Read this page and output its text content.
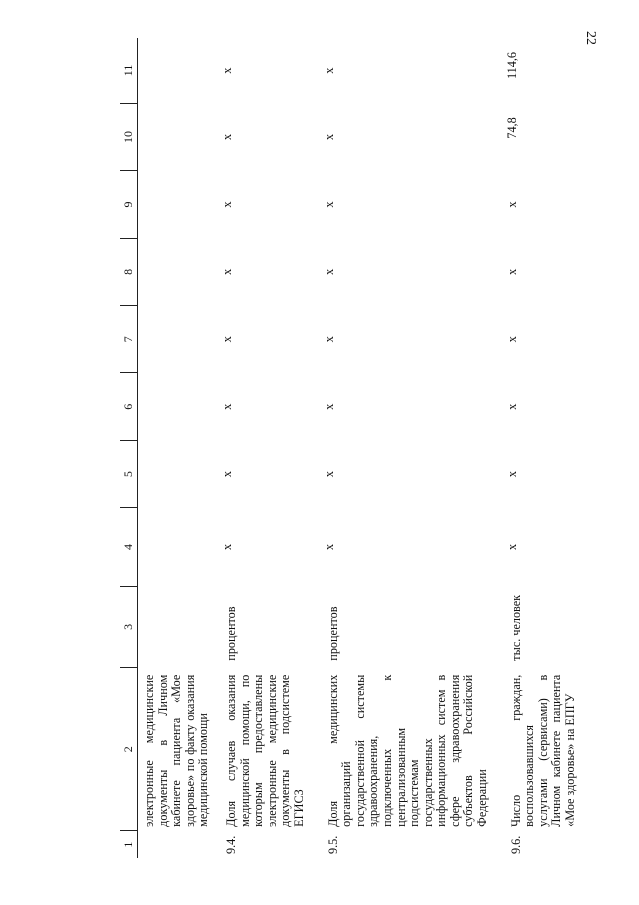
22
1	2	3	4	5	6	7	8	9	10	11
	электронные медицинские документы в Личном кабинете пациента «Мое здоровье» по факту оказания медицинской помощи									
9.4.	Доля случаев оказания медицинской помощи, по которым предоставлены электронные медицинские документы в подсистеме ЕГИСЗ	процентов	x	x	x	x	x	x	x	x
9.5.	Доля медицинских организаций государственной системы здравоохранения, подключенных к централизованным подсистемам государственных информационных систем в сфере здравоохранения субъектов Российской Федерации	процентов	x	x	x	x	x	x	x	x
9.6.	Число граждан, воспользовавшихся услугами (сервисами) в Личном кабинете пациента «Мое здоровье» на ЕПГУ	тыс. человек	x	x	x	x	x	x	74,8	114,6
